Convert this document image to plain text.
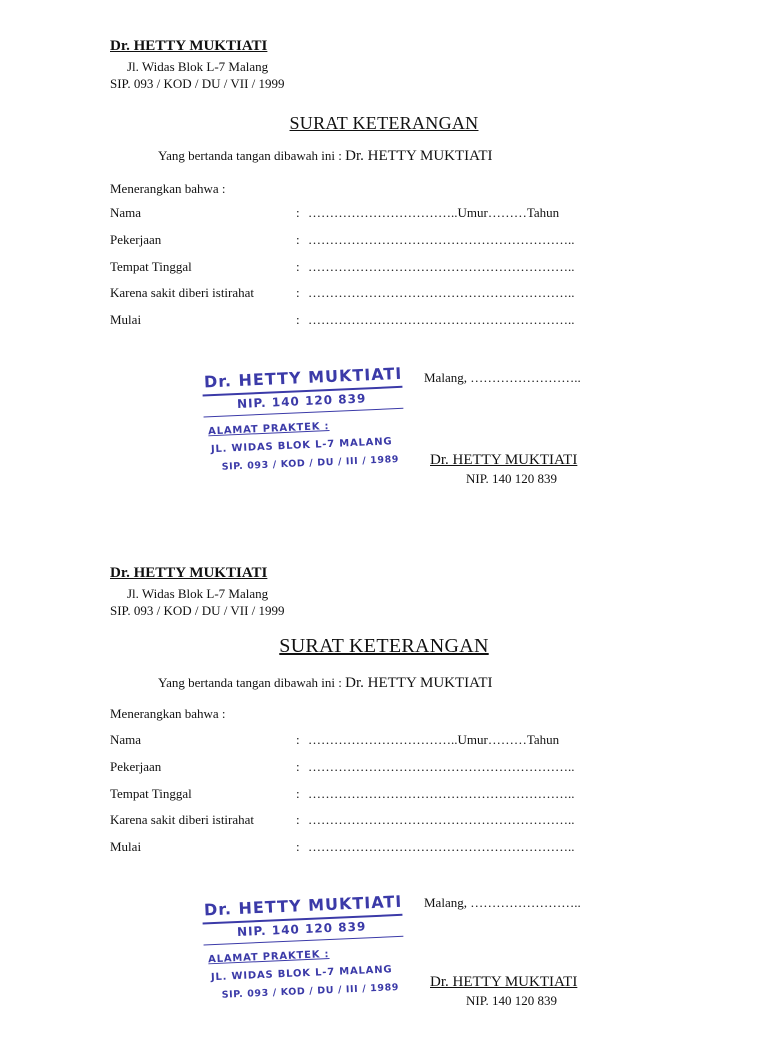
Dr. HETTY MUKTIATI
Jl. Widas Blok L-7 Malang
SIP. 093 / KOD / DU / VII / 1999
SURAT KETERANGAN
Yang bertanda tangan dibawah ini : Dr. HETTY MUKTIATI
Menerangkan bahwa :
Nama	: ……………………………..Umur………Tahun
Pekerjaan	: ……………………………………………………..
Tempat Tinggal	: ……………………………………………………..
Karena sakit diberi istirahat	: ……………………………………………………..
Mulai	: ……………………………………………………..
Dr. HETTY MUKTIATI
NIP. 140 120 839
ALAMAT PRAKTEK :
JL. WIDAS BLOK L-7 MALANG
SIP. 093 / KOD / DU / III / 1989
Malang, ……………………..
Dr. HETTY MUKTIATI
NIP. 140 120 839
Dr. HETTY MUKTIATI
Jl. Widas Blok L-7 Malang
SIP. 093 / KOD / DU / VII / 1999
SURAT KETERANGAN
Yang bertanda tangan dibawah ini : Dr. HETTY MUKTIATI
Menerangkan bahwa :
Nama	: ……………………………..Umur………Tahun
Pekerjaan	: ……………………………………………………..
Tempat Tinggal	: ……………………………………………………..
Karena sakit diberi istirahat	: ……………………………………………………..
Mulai	: ……………………………………………………..
Dr. HETTY MUKTIATI
NIP. 140 120 839
ALAMAT PRAKTEK :
JL. WIDAS BLOK L-7 MALANG
SIP. 093 / KOD / DU / III / 1989
Malang, ……………………..
Dr. HETTY MUKTIATI
NIP. 140 120 839
